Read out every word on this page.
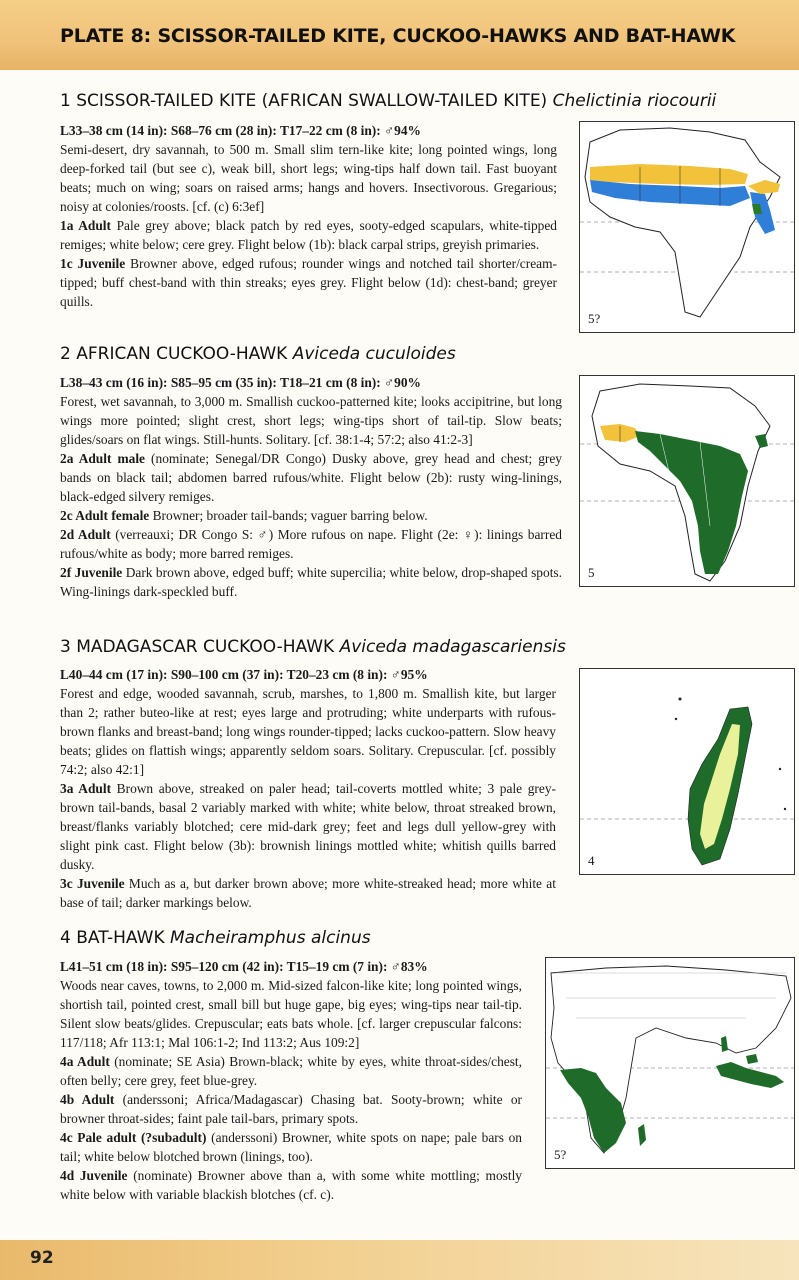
PLATE 8: SCISSOR-TAILED KITE, CUCKOO-HAWKS AND BAT-HAWK
1 SCISSOR-TAILED KITE (AFRICAN SWALLOW-TAILED KITE) Chelictinia riocourii

L33–38 cm (14 in): S68–76 cm (28 in): T17–22 cm (8 in): ♂94%

Semi-desert, dry savannah, to 500 m. Small slim tern-like kite; long pointed wings, long deep-forked tail (but see c), weak bill, short legs; wing-tips half down tail. Fast buoyant beats; much on wing; soars on raised arms; hangs and hovers. Insectivorous. Gregarious; noisy at colonies/roosts. [cf. (c) 6:3ef]

1a Adult Pale grey above; black patch by red eyes, sooty-edged scapulars, white-tipped remiges; white below; cere grey. Flight below (1b): black carpal strips, greyish primaries.

1c Juvenile Browner above, edged rufous; rounder wings and notched tail shorter/cream-tipped; buff chest-band with thin streaks; eyes grey. Flight below (1d): chest-band; greyer quills.

5?
2 AFRICAN CUCKOO-HAWK Aviceda cuculoides

L38–43 cm (16 in): S85–95 cm (35 in): T18–21 cm (8 in): ♂90%

Forest, wet savannah, to 3,000 m. Smallish cuckoo-patterned kite; looks accipitrine, but long wings more pointed; slight crest, short legs; wing-tips short of tail-tip. Slow beats; glides/soars on flat wings. Still-hunts. Solitary. [cf. 38:1-4; 57:2; also 41:2-3]

2a Adult male (nominate; Senegal/DR Congo) Dusky above, grey head and chest; grey bands on black tail; abdomen barred rufous/white. Flight below (2b): rusty wing-linings, black-edged silvery remiges.

2c Adult female Browner; broader tail-bands; vaguer barring below.

2d Adult (verreauxi; DR Congo S: ♂) More rufous on nape. Flight (2e: ♀): linings barred rufous/white as body; more barred remiges.

2f Juvenile Dark brown above, edged buff; white supercilia; white below, drop-shaped spots. Wing-linings dark-speckled buff.

5
3 MADAGASCAR CUCKOO-HAWK Aviceda madagascariensis

L40–44 cm (17 in): S90–100 cm (37 in): T20–23 cm (8 in): ♂95%

Forest and edge, wooded savannah, scrub, marshes, to 1,800 m. Smallish kite, but larger than 2; rather buteo-like at rest; eyes large and protruding; white underparts with rufous-brown flanks and breast-band; long wings rounder-tipped; lacks cuckoo-pattern. Slow heavy beats; glides on flattish wings; apparently seldom soars. Solitary. Crepuscular. [cf. possibly 74:2; also 42:1]

3a Adult Brown above, streaked on paler head; tail-coverts mottled white; 3 pale grey-brown tail-bands, basal 2 variably marked with white; white below, throat streaked brown, breast/flanks variably blotched; cere mid-dark grey; feet and legs dull yellow-grey with slight pink cast. Flight below (3b): brownish linings mottled white; whitish quills barred dusky.

3c Juvenile Much as a, but darker brown above; more white-streaked head; more white at base of tail; darker markings below.

4
4 BAT-HAWK Macheiramphus alcinus

L41–51 cm (18 in): S95–120 cm (42 in): T15–19 cm (7 in): ♂83%

Woods near caves, towns, to 2,000 m. Mid-sized falcon-like kite; long pointed wings, shortish tail, pointed crest, small bill but huge gape, big eyes; wing-tips near tail-tip. Silent slow beats/glides. Crepuscular; eats bats whole. [cf. larger crepuscular falcons: 117/118; Afr 113:1; Mal 106:1-2; Ind 113:2; Aus 109:2]

4a Adult (nominate; SE Asia) Brown-black; white by eyes, white throat-sides/chest, often belly; cere grey, feet blue-grey.

4b Adult (anderssoni; Africa/Madagascar) Chasing bat. Sooty-brown; white or browner throat-sides; faint pale tail-bars, primary spots.

4c Pale adult (?subadult) (anderssoni) Browner, white spots on nape; pale bars on tail; white below blotched brown (linings, too).

4d Juvenile (nominate) Browner above than a, with some white mottling; mostly white below with variable blackish blotches (cf. c).

5?
92
